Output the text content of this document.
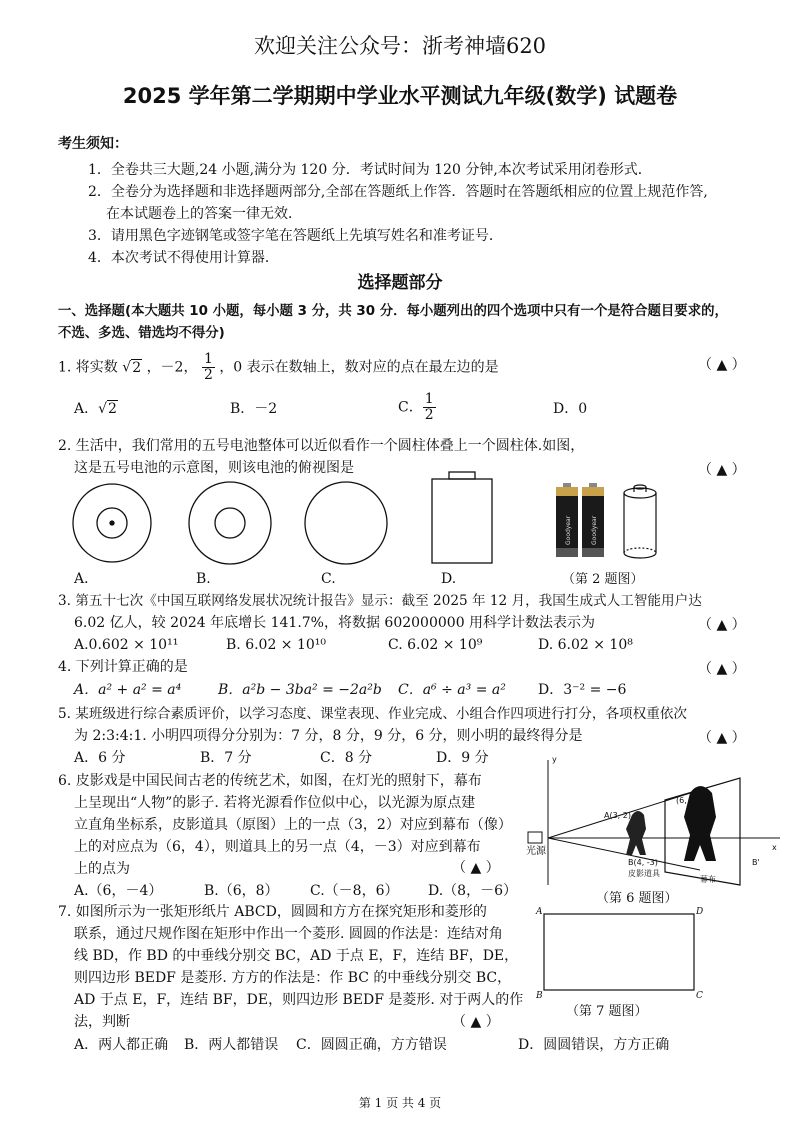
欢迎关注公众号：浙考神墙620
2025 学年第二学期期中学业水平测试九年级(数学) 试题卷
考生须知：
1．全卷共三大题,24 小题,满分为 120 分．考试时间为 120 分钟,本次考试采用闭卷形式．
2．全卷分为选择题和非选择题两部分,全部在答题纸上作答．答题时在答题纸相应的位置上规范作答,
在本试题卷上的答案一律无效．
3．请用黑色字迹钢笔或签字笔在答题纸上先填写姓名和准考证号．
4．本次考试不得使用计算器．
选择题部分
一、选择题(本大题共 10 小题，每小题 3 分，共 30 分．每小题列出的四个选项中只有一个是符合题目要求的，
不选、多选、错选均不得分)
1. 将实数 √2 ，－2， $\frac{1}{2}$ ，0 表示在数轴上，数对应的点在最左边的是	（ ▲ ）
A．√2	B．－2	C． $\frac{1}{2}$	D．0
2. 生活中，我们常用的五号电池整体可以近似看作一个圆柱体叠上一个圆柱体.如图，
这是五号电池的示意图，则该电池的俯视图是	（ ▲ ）
Goodyear	Goodyear
A．	B.	C.	D.	（第 2 题图）
3. 第五十七次《中国互联网络发展状况统计报告》显示：截至 2025 年 12 月，我国生成式人工智能用户达
6.02 亿人，较 2024 年底增长 141.7%，将数据 602000000 用科学计数法表示为	（ ▲ ）
A.0.602 × 10¹¹	B. 6.02 × 10¹⁰	C. 6.02 × 10⁹	D. 6.02 × 10⁸
4. 下列计算正确的是	（ ▲ ）
A．a² + a² = a⁴	B．a²b − 3ba² = −2a²b C．a⁶ ÷ a³ = a² D．3⁻² = −6
5. 某班级进行综合素质评价，以学习态度、课堂表现、作业完成、小组合作四项进行打分，各项权重依次
为 2:3:4:1. 小明四项得分分别为：7 分，8 分，9 分，6 分，则小明的最终得分是	（ ▲ ）
A．6 分	B．7 分	C．8 分	D．9 分
6. 皮影戏是中国民间古老的传统艺术，如图，在灯光的照射下，幕布
上呈现出“人物”的影子. 若将光源看作位似中心，以光源为原点建
立直角坐标系，皮影道具（原图）上的一点（3，2）对应到幕布（像）
上的对应点为（6，4），则道具上的另一点（4，－3）对应到幕布
上的点为	（ ▲ ）
A.（6，－4）	B.（6，8） C.（－8，6） D.（8，－6）
y
x
A(3, 2)
(6, 4)
B(4, -3)	B'
皮影道具
幕布
光源
（第 6 题图）
7. 如图所示为一张矩形纸片 ABCD，圆圆和方方在探究矩形和菱形的
联系，通过尺规作图在矩形中作出一个菱形. 圆圆的作法是：连结对角
线 BD，作 BD 的中垂线分别交 BC，AD 于点 E，F，连结 BF，DE，
则四边形 BEDF 是菱形. 方方的作法是：作 BC 的中垂线分别交 BC，
AD 于点 E，F，连结 BF，DE，则四边形 BEDF 是菱形. 对于两人的作
法，判断	（ ▲ ）
A	D
B	C
（第 7 题图）
A．两人都正确 B．两人都错误 C．圆圆正确，方方错误	D．圆圆错误，方方正确
第 1 页 共 4 页
